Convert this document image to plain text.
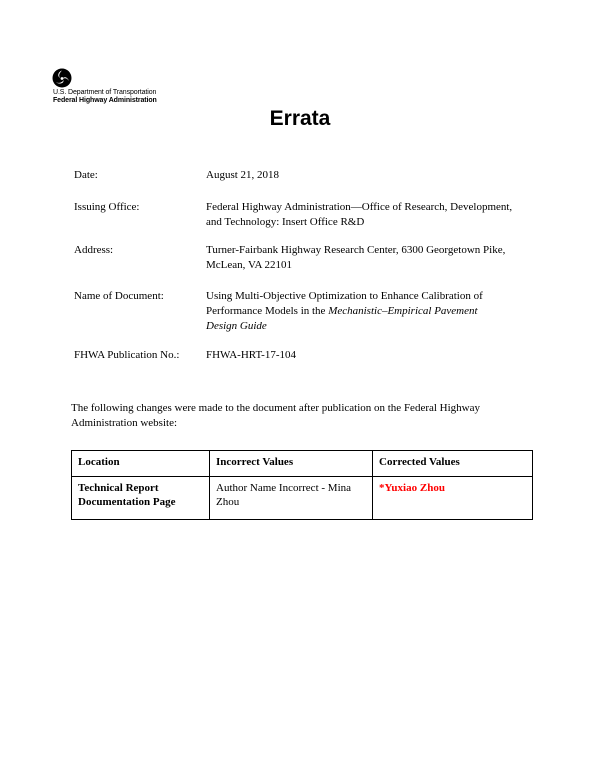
U.S. Department of Transportation
Federal Highway Administration
Errata
Date:	August 21, 2018
Issuing Office:	Federal Highway Administration—Office of Research, Development, and Technology: Insert Office R&D
Address:	Turner-Fairbank Highway Research Center, 6300 Georgetown Pike, McLean, VA 22101
Name of Document:	Using Multi-Objective Optimization to Enhance Calibration of Performance Models in the Mechanistic–Empirical Pavement Design Guide
FHWA Publication No.: FHWA-HRT-17-104
The following changes were made to the document after publication on the Federal Highway Administration website:
Location	Incorrect Values	Corrected Values
Technical Report Documentation Page	Author Name Incorrect - Mina Zhou	*Yuxiao Zhou
